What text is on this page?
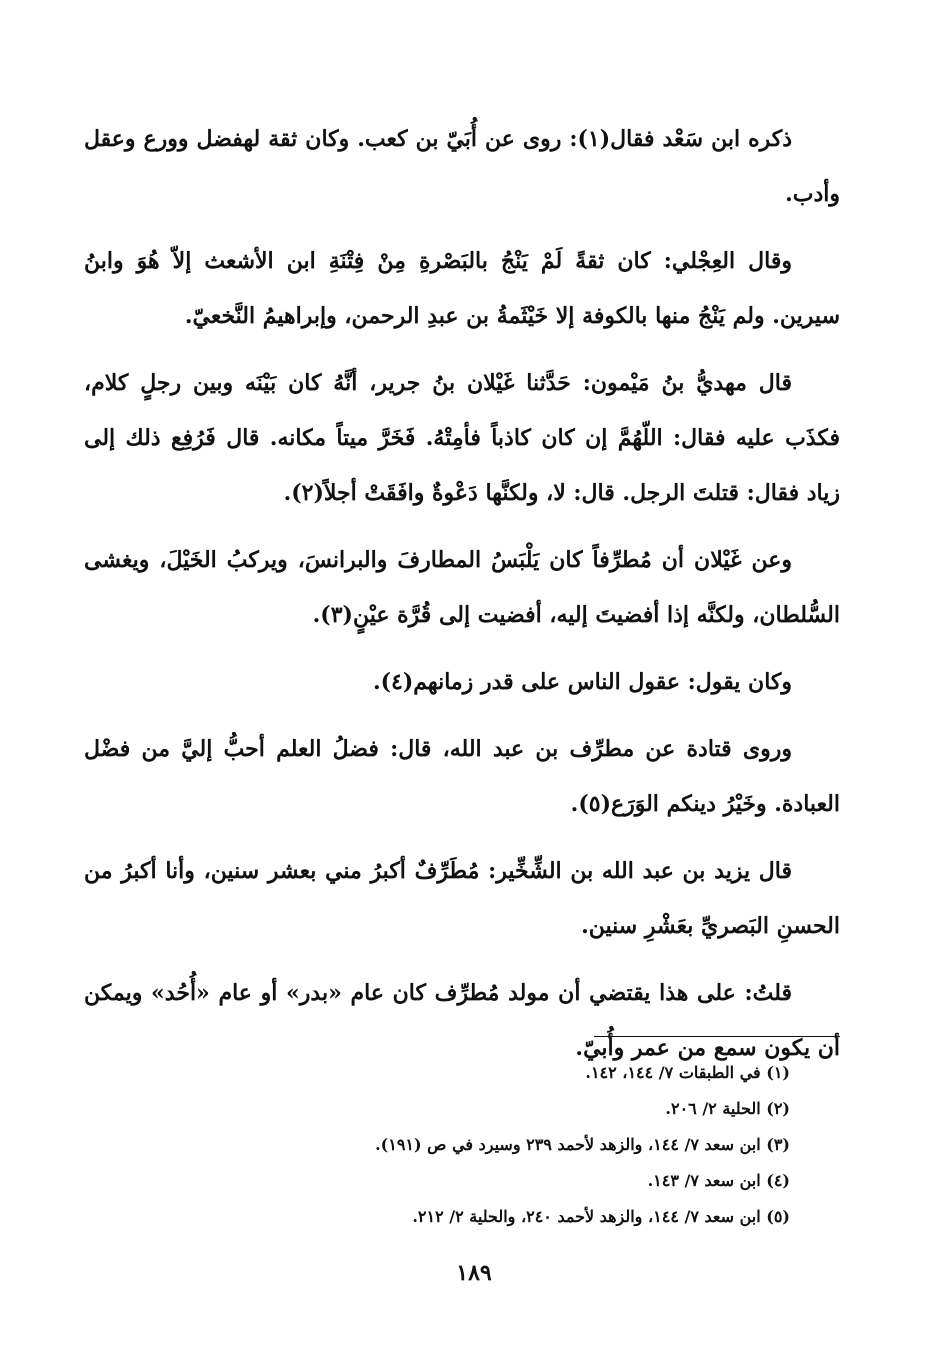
ذكره ابن سَعْد فقال(١): روى عن أُبَيّ بن كعب. وكان ثقة لهفضل وورع وعقل وأدب.

وقال العِجْلي: كان ثقةً لَمْ يَنْجُ بالبَصْرةِ مِنْ فِتْنَةِ ابن الأشعث إلاّ هُوَ وابنُ سيرين. ولم يَنْجُ منها بالكوفة إلا خَيْثَمةُ بن عبدِ الرحمن، وإبراهيمُ النَّخعيّ.

قال مهديُّ بنُ مَيْمون: حَدَّثنا غَيْلان بنُ جرير، أنَّهُ كان بَيْنَه وبين رجلٍ كلام، فكذَب عليه فقال: اللّهُمَّ إن كان كاذباً فأمِتْهُ. فَخَرَّ ميتاً مكانه. قال فَرُفِع ذلك إلى زياد فقال: قتلتَ الرجل. قال: لا، ولكنَّها دَعْوةٌ وافَقَتْ أجلاً(٢).

وعن غَيْلان أن مُطرِّفاً كان يَلْبَسُ المطارفَ والبرانسَ، ويركبُ الخَيْلَ، ويغشى السُّلطان، ولكنَّه إذا أفضيتَ إليه، أفضيت إلى قُرَّة عيْنٍ(٣).

وكان يقول: عقول الناس على قدر زمانهم(٤).

وروى قتادة عن مطرِّف بن عبد الله، قال: فضلُ العلم أحبُّ إليَّ من فضْل العبادة. وخَيْرُ دينكم الوَرَع(٥).

قال يزيد بن عبد الله بن الشِّخِّير: مُطَرِّفٌ أكبرُ مني بعشر سنين، وأنا أكبرُ من الحسنِ البَصريِّ بعَشْرِ سنين.

قلتُ: على هذا يقتضي أن مولد مُطرِّف كان عام «بدر» أو عام «أُحُد» ويمكن أن يكون سمع من عمر وأُبيّ.

(١) في الطبقات ٧/ ١٤٤، ١٤٢.

(٢) الحلية ٢/ ٢٠٦.

(٣) ابن سعد ٧/ ١٤٤، والزهد لأحمد ٢٣٩ وسيرد في ص (١٩١).

(٤) ابن سعد ٧/ ١٤٣.

(٥) ابن سعد ٧/ ١٤٤، والزهد لأحمد ٢٤٠، والحلية ٢/ ٢١٢.

١٨٩
